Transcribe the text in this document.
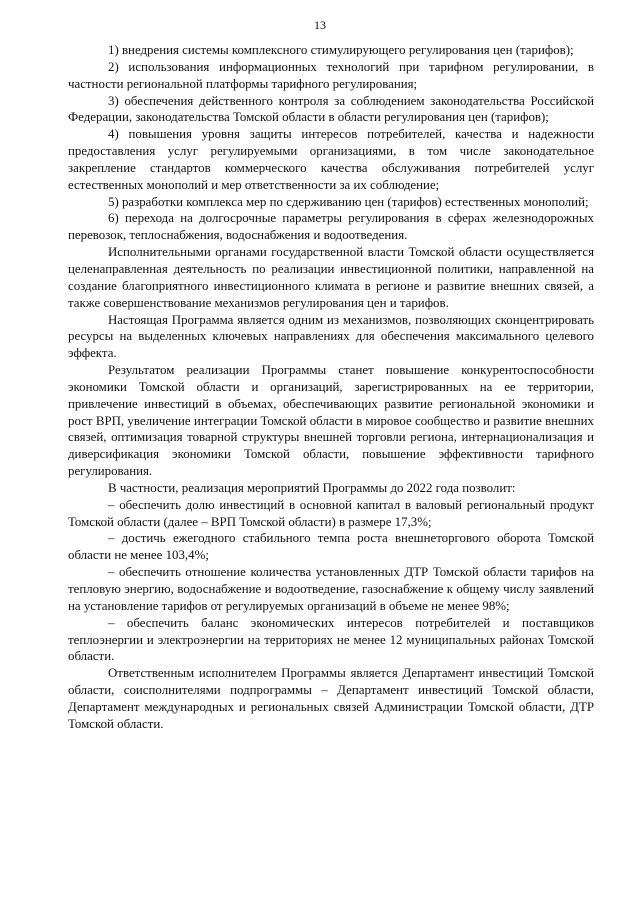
13

1) внедрения системы комплексного стимулирующего регулирования цен (тарифов);

2) использования информационных технологий при тарифном регулировании, в частности региональной платформы тарифного регулирования;

3) обеспечения действенного контроля за соблюдением законодательства Российской Федерации, законодательства Томской области в области регулирования цен (тарифов);

4) повышения уровня защиты интересов потребителей, качества и надежности предоставления услуг регулируемыми организациями, в том числе законодательное закрепление стандартов коммерческого качества обслуживания потребителей услуг естественных монополий и мер ответственности за их соблюдение;

5) разработки комплекса мер по сдерживанию цен (тарифов) естественных монополий;

6) перехода на долгосрочные параметры регулирования в сферах железнодорожных перевозок, теплоснабжения, водоснабжения и водоотведения.

Исполнительными органами государственной власти Томской области осуществляется целенаправленная деятельность по реализации инвестиционной политики, направленной на создание благоприятного инвестиционного климата в регионе и развитие внешних связей, а также совершенствование механизмов регулирования цен и тарифов.

Настоящая Программа является одним из механизмов, позволяющих сконцентрировать ресурсы на выделенных ключевых направлениях для обеспечения максимального целевого эффекта.

Результатом реализации Программы станет повышение конкурентоспособности экономики Томской области и организаций, зарегистрированных на ее территории, привлечение инвестиций в объемах, обеспечивающих развитие региональной экономики и рост ВРП, увеличение интеграции Томской области в мировое сообщество и развитие внешних связей, оптимизация товарной структуры внешней торговли региона, интернационализация и диверсификация экономики Томской области, повышение эффективности тарифного регулирования.

В частности, реализация мероприятий Программы до 2022 года позволит:

– обеспечить долю инвестиций в основной капитал в валовый региональный продукт Томской области (далее – ВРП Томской области) в размере 17,3%;

– достичь ежегодного стабильного темпа роста внешнеторгового оборота Томской области не менее 103,4%;

– обеспечить отношение количества установленных ДТР Томской области тарифов на тепловую энергию, водоснабжение и водоотведение, газоснабжение к общему числу заявлений на установление тарифов от регулируемых организаций в объеме не менее 98%;

– обеспечить баланс экономических интересов потребителей и поставщиков теплоэнергии и электроэнергии на территориях не менее 12 муниципальных районах Томской области.

Ответственным исполнителем Программы является Департамент инвестиций Томской области, соисполнителями подпрограммы – Департамент инвестиций Томской области, Департамент международных и региональных связей Администрации Томской области, ДТР Томской области.
